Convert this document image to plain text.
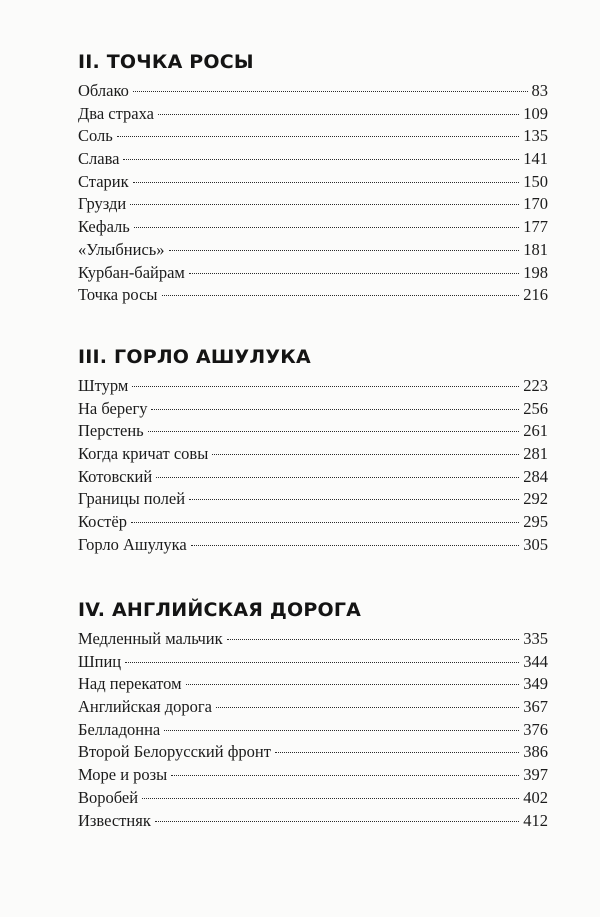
II. ТОЧКА РОСЫ
Облако	83
Два страха	109
Соль	135
Слава	141
Старик	150
Грузди	170
Кефаль	177
«Улыбнись»	181
Курбан-байрам	198
Точка росы	216
III. ГОРЛО АШУЛУКА
Штурм	223
На берегу	256
Перстень	261
Когда кричат совы	281
Котовский	284
Границы полей	292
Костёр	295
Горло Ашулука	305
IV. АНГЛИЙСКАЯ ДОРОГА
Медленный мальчик	335
Шпиц	344
Над перекатом	349
Английская дорога	367
Белладонна	376
Второй Белорусский фронт	386
Море и розы	397
Воробей	402
Известняк	412
